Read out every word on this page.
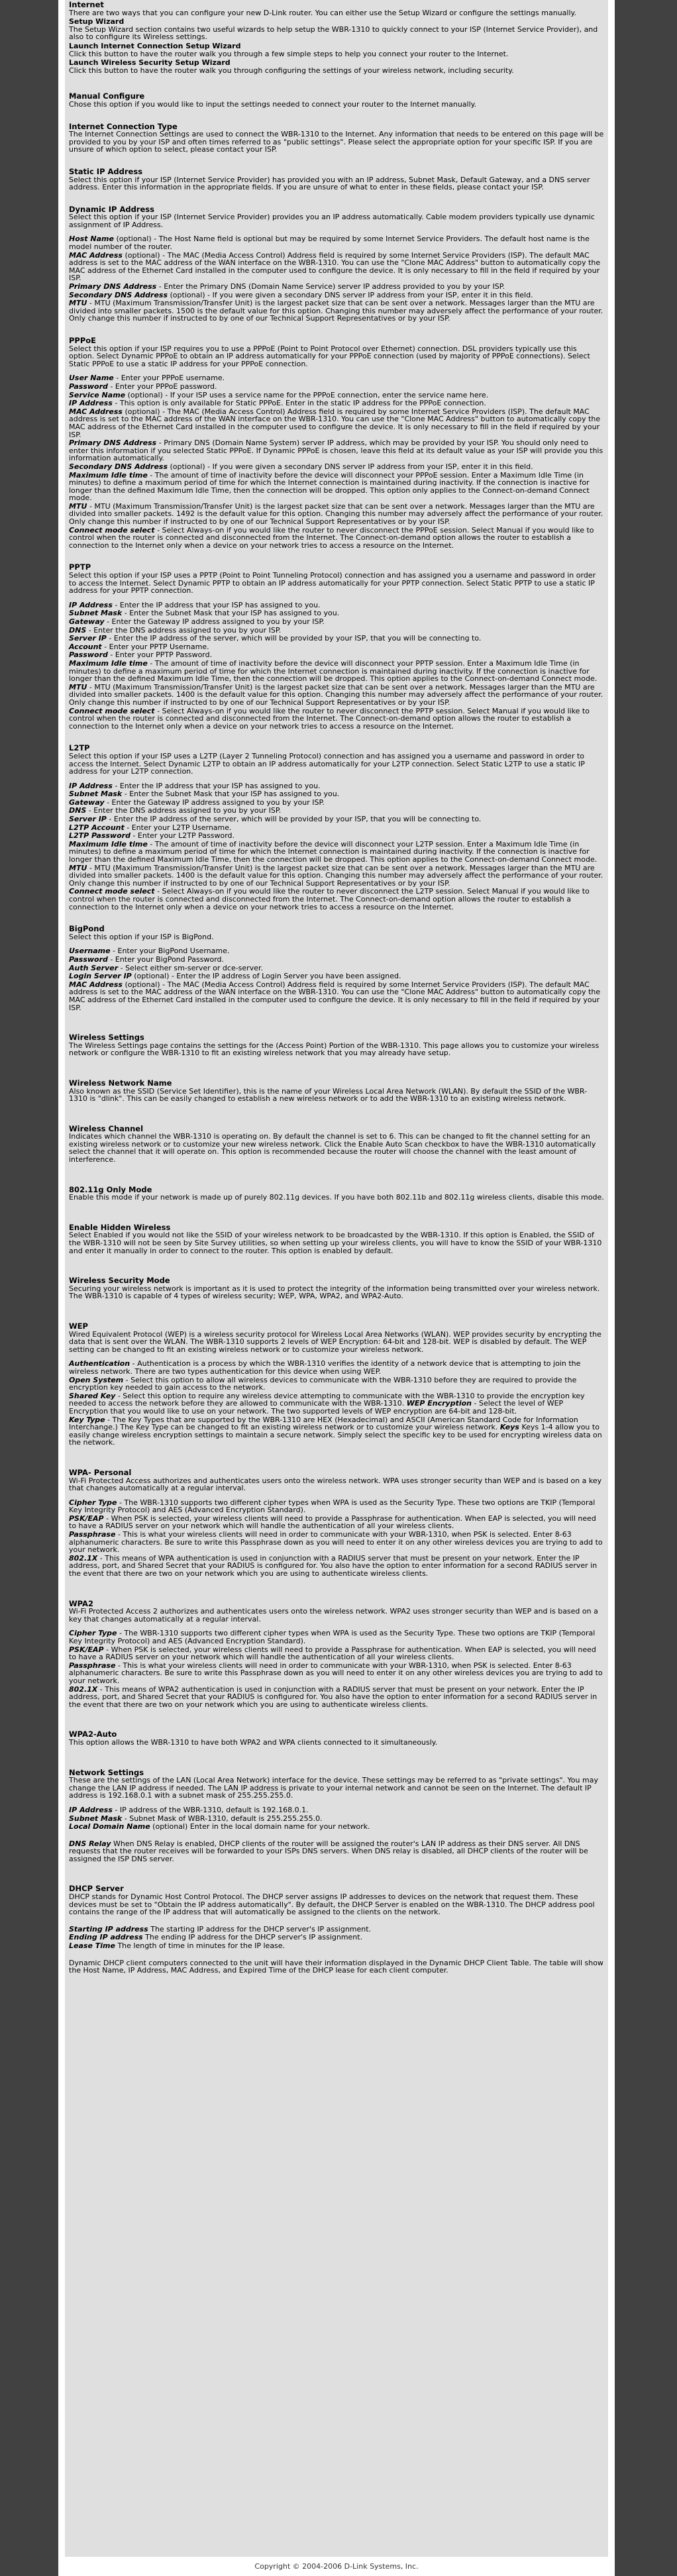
Internet

There are two ways that you can configure your new D-Link router. You can either use the Setup Wizard or configure the settings manually.

Setup Wizard

The Setup Wizard section contains two useful wizards to help setup the WBR-1310 to quickly connect to your ISP (Internet Service Provider), and also to configure its Wireless settings.

Launch Internet Connection Setup Wizard

Click this button to have the router walk you through a few simple steps to help you connect your router to the Internet.

Launch Wireless Security Setup Wizard

Click this button to have the router walk you through configuring the settings of your wireless network, including security.

Manual Configure

Chose this option if you would like to input the settings needed to connect your router to the Internet manually.

Internet Connection Type

The Internet Connection Settings are used to connect the WBR-1310 to the Internet. Any information that needs to be entered on this page will be provided to you by your ISP and often times referred to as "public settings". Please select the appropriate option for your specific ISP. If you are unsure of which option to select, please contact your ISP.

Static IP Address

Select this option if your ISP (Internet Service Provider) has provided you with an IP address, Subnet Mask, Default Gateway, and a DNS server address. Enter this information in the appropriate fields. If you are unsure of what to enter in these fields, please contact your ISP.

Dynamic IP Address

Select this option if your ISP (Internet Service Provider) provides you an IP address automatically. Cable modem providers typically use dynamic assignment of IP Address.

Host Name (optional) - The Host Name field is optional but may be required by some Internet Service Providers. The default host name is the model number of the router.

MAC Address (optional) - The MAC (Media Access Control) Address field is required by some Internet Service Providers (ISP). The default MAC address is set to the MAC address of the WAN interface on the WBR-1310. You can use the "Clone MAC Address" button to automatically copy the MAC address of the Ethernet Card installed in the computer used to configure the device. It is only necessary to fill in the field if required by your ISP.

Primary DNS Address - Enter the Primary DNS (Domain Name Service) server IP address provided to you by your ISP.

Secondary DNS Address (optional) - If you were given a secondary DNS server IP address from your ISP, enter it in this field.

MTU - MTU (Maximum Transmission/Transfer Unit) is the largest packet size that can be sent over a network. Messages larger than the MTU are divided into smaller packets. 1500 is the default value for this option. Changing this number may adversely affect the performance of your router. Only change this number if instructed to by one of our Technical Support Representatives or by your ISP.

PPPoE

Select this option if your ISP requires you to use a PPPoE (Point to Point Protocol over Ethernet) connection. DSL providers typically use this option. Select Dynamic PPPoE to obtain an IP address automatically for your PPPoE connection (used by majority of PPPoE connections). Select Static PPPoE to use a static IP address for your PPPoE connection.

User Name - Enter your PPPoE username.

Password - Enter your PPPoE password.

Service Name (optional) - If your ISP uses a service name for the PPPoE connection, enter the service name here.

IP Address - This option is only available for Static PPPoE. Enter in the static IP address for the PPPoE connection.

MAC Address (optional) - The MAC (Media Access Control) Address field is required by some Internet Service Providers (ISP). The default MAC address is set to the MAC address of the WAN interface on the WBR-1310. You can use the "Clone MAC Address" button to automatically copy the MAC address of the Ethernet Card installed in the computer used to configure the device. It is only necessary to fill in the field if required by your ISP.

Primary DNS Address - Primary DNS (Domain Name System) server IP address, which may be provided by your ISP. You should only need to enter this information if you selected Static PPPoE. If Dynamic PPPoE is chosen, leave this field at its default value as your ISP will provide you this information automatically.

Secondary DNS Address (optional) - If you were given a secondary DNS server IP address from your ISP, enter it in this field.

Maximum Idle time - The amount of time of inactivity before the device will disconnect your PPPoE session. Enter a Maximum Idle Time (in minutes) to define a maximum period of time for which the Internet connection is maintained during inactivity. If the connection is inactive for longer than the defined Maximum Idle Time, then the connection will be dropped. This option only applies to the Connect-on-demand Connect mode.

MTU - MTU (Maximum Transmission/Transfer Unit) is the largest packet size that can be sent over a network. Messages larger than the MTU are divided into smaller packets. 1492 is the default value for this option. Changing this number may adversely affect the performance of your router. Only change this number if instructed to by one of our Technical Support Representatives or by your ISP.

Connect mode select - Select Always-on if you would like the router to never disconnect the PPPoE session. Select Manual if you would like to control when the router is connected and disconnected from the Internet. The Connect-on-demand option allows the router to establish a connection to the Internet only when a device on your network tries to access a resource on the Internet.

PPTP

Select this option if your ISP uses a PPTP (Point to Point Tunneling Protocol) connection and has assigned you a username and password in order to access the Internet. Select Dynamic PPTP to obtain an IP address automatically for your PPTP connection. Select Static PPTP to use a static IP address for your PPTP connection.

IP Address - Enter the IP address that your ISP has assigned to you.

Subnet Mask - Enter the Subnet Mask that your ISP has assigned to you.

Gateway - Enter the Gateway IP address assigned to you by your ISP.

DNS - Enter the DNS address assigned to you by your ISP.

Server IP - Enter the IP address of the server, which will be provided by your ISP, that you will be connecting to.

Account - Enter your PPTP Username.

Password - Enter your PPTP Password.

Maximum Idle time - The amount of time of inactivity before the device will disconnect your PPTP session. Enter a Maximum Idle Time (in minutes) to define a maximum period of time for which the Internet connection is maintained during inactivity. If the connection is inactive for longer than the defined Maximum Idle Time, then the connection will be dropped. This option applies to the Connect-on-demand Connect mode.

MTU - MTU (Maximum Transmission/Transfer Unit) is the largest packet size that can be sent over a network. Messages larger than the MTU are divided into smaller packets. 1400 is the default value for this option. Changing this number may adversely affect the performance of your router. Only change this number if instructed to by one of our Technical Support Representatives or by your ISP.

Connect mode select - Select Always-on if you would like the router to never disconnect the PPTP session. Select Manual if you would like to control when the router is connected and disconnected from the Internet. The Connect-on-demand option allows the router to establish a connection to the Internet only when a device on your network tries to access a resource on the Internet.

L2TP

Select this option if your ISP uses a L2TP (Layer 2 Tunneling Protocol) connection and has assigned you a username and password in order to access the Internet. Select Dynamic L2TP to obtain an IP address automatically for your L2TP connection. Select Static L2TP to use a static IP address for your L2TP connection.

IP Address - Enter the IP address that your ISP has assigned to you.

Subnet Mask - Enter the Subnet Mask that your ISP has assigned to you.

Gateway - Enter the Gateway IP address assigned to you by your ISP.

DNS - Enter the DNS address assigned to you by your ISP.

Server IP - Enter the IP address of the server, which will be provided by your ISP, that you will be connecting to.

L2TP Account - Enter your L2TP Username.

L2TP Password - Enter your L2TP Password.

Maximum Idle time - The amount of time of inactivity before the device will disconnect your L2TP session. Enter a Maximum Idle Time (in minutes) to define a maximum period of time for which the Internet connection is maintained during inactivity. If the connection is inactive for longer than the defined Maximum Idle Time, then the connection will be dropped. This option applies to the Connect-on-demand Connect mode.

MTU - MTU (Maximum Transmission/Transfer Unit) is the largest packet size that can be sent over a network. Messages larger than the MTU are divided into smaller packets. 1400 is the default value for this option. Changing this number may adversely affect the performance of your router. Only change this number if instructed to by one of our Technical Support Representatives or by your ISP.

Connect mode select - Select Always-on if you would like the router to never disconnect the L2TP session. Select Manual if you would like to control when the router is connected and disconnected from the Internet. The Connect-on-demand option allows the router to establish a connection to the Internet only when a device on your network tries to access a resource on the Internet.

BigPond

Select this option if your ISP is BigPond.

Username - Enter your BigPond Username.

Password - Enter your BigPond Password.

Auth Server - Select either sm-server or dce-server.

Login Server IP (optional) - Enter the IP address of Login Server you have been assigned.

MAC Address (optional) - The MAC (Media Access Control) Address field is required by some Internet Service Providers (ISP). The default MAC address is set to the MAC address of the WAN interface on the WBR-1310. You can use the "Clone MAC Address" button to automatically copy the MAC address of the Ethernet Card installed in the computer used to configure the device. It is only necessary to fill in the field if required by your ISP.

Wireless Settings

The Wireless Settings page contains the settings for the (Access Point) Portion of the WBR-1310. This page allows you to customize your wireless network or configure the WBR-1310 to fit an existing wireless network that you may already have setup.

Wireless Network Name

Also known as the SSID (Service Set Identifier), this is the name of your Wireless Local Area Network (WLAN). By default the SSID of the WBR-1310 is "dlink". This can be easily changed to establish a new wireless network or to add the WBR-1310 to an existing wireless network.

Wireless Channel

Indicates which channel the WBR-1310 is operating on. By default the channel is set to 6. This can be changed to fit the channel setting for an existing wireless network or to customize your new wireless network. Click the Enable Auto Scan checkbox to have the WBR-1310 automatically select the channel that it will operate on. This option is recommended because the router will choose the channel with the least amount of interference.

802.11g Only Mode

Enable this mode if your network is made up of purely 802.11g devices. If you have both 802.11b and 802.11g wireless clients, disable this mode.

Enable Hidden Wireless

Select Enabled if you would not like the SSID of your wireless network to be broadcasted by the WBR-1310. If this option is Enabled, the SSID of the WBR-1310 will not be seen by Site Survey utilities, so when setting up your wireless clients, you will have to know the SSID of your WBR-1310 and enter it manually in order to connect to the router. This option is enabled by default.

Wireless Security Mode

Securing your wireless network is important as it is used to protect the integrity of the information being transmitted over your wireless network. The WBR-1310 is capable of 4 types of wireless security; WEP, WPA, WPA2, and WPA2-Auto.

WEP

Wired Equivalent Protocol (WEP) is a wireless security protocol for Wireless Local Area Networks (WLAN). WEP provides security by encrypting the data that is sent over the WLAN. The WBR-1310 supports 2 levels of WEP Encryption: 64-bit and 128-bit. WEP is disabled by default. The WEP setting can be changed to fit an existing wireless network or to customize your wireless network.

Authentication - Authentication is a process by which the WBR-1310 verifies the identity of a network device that is attempting to join the wireless network. There are two types authentication for this device when using WEP.

Open System - Select this option to allow all wireless devices to communicate with the WBR-1310 before they are required to provide the encryption key needed to gain access to the network.

Shared Key - Select this option to require any wireless device attempting to communicate with the WBR-1310 to provide the encryption key needed to access the network before they are allowed to communicate with the WBR-1310. WEP Encryption - Select the level of WEP Encryption that you would like to use on your network. The two supported levels of WEP encryption are 64-bit and 128-bit.

Key Type - The Key Types that are supported by the WBR-1310 are HEX (Hexadecimal) and ASCII (American Standard Code for Information Interchange.) The Key Type can be changed to fit an existing wireless network or to customize your wireless network. Keys Keys 1-4 allow you to easily change wireless encryption settings to maintain a secure network. Simply select the specific key to be used for encrypting wireless data on the network.

WPA- Personal

Wi-Fi Protected Access authorizes and authenticates users onto the wireless network. WPA uses stronger security than WEP and is based on a key that changes automatically at a regular interval.

Cipher Type - The WBR-1310 supports two different cipher types when WPA is used as the Security Type. These two options are TKIP (Temporal Key Integrity Protocol) and AES (Advanced Encryption Standard).

PSK/EAP - When PSK is selected, your wireless clients will need to provide a Passphrase for authentication. When EAP is selected, you will need to have a RADIUS server on your network which will handle the authentication of all your wireless clients.

Passphrase - This is what your wireless clients will need in order to communicate with your WBR-1310, when PSK is selected. Enter 8-63 alphanumeric characters. Be sure to write this Passphrase down as you will need to enter it on any other wireless devices you are trying to add to your network.

802.1X - This means of WPA authentication is used in conjunction with a RADIUS server that must be present on your network. Enter the IP address, port, and Shared Secret that your RADIUS is configured for. You also have the option to enter information for a second RADIUS server in the event that there are two on your network which you are using to authenticate wireless clients.

WPA2

Wi-Fi Protected Access 2 authorizes and authenticates users onto the wireless network. WPA2 uses stronger security than WEP and is based on a key that changes automatically at a regular interval.

Cipher Type - The WBR-1310 supports two different cipher types when WPA is used as the Security Type. These two options are TKIP (Temporal Key Integrity Protocol) and AES (Advanced Encryption Standard).

PSK/EAP - When PSK is selected, your wireless clients will need to provide a Passphrase for authentication. When EAP is selected, you will need to have a RADIUS server on your network which will handle the authentication of all your wireless clients.

Passphrase - This is what your wireless clients will need in order to communicate with your WBR-1310, when PSK is selected. Enter 8-63 alphanumeric characters. Be sure to write this Passphrase down as you will need to enter it on any other wireless devices you are trying to add to your network.

802.1X - This means of WPA2 authentication is used in conjunction with a RADIUS server that must be present on your network. Enter the IP address, port, and Shared Secret that your RADIUS is configured for. You also have the option to enter information for a second RADIUS server in the event that there are two on your network which you are using to authenticate wireless clients.

WPA2-Auto

This option allows the WBR-1310 to have both WPA2 and WPA clients connected to it simultaneously.

Network Settings

These are the settings of the LAN (Local Area Network) interface for the device. These settings may be referred to as "private settings". You may change the LAN IP address if needed. The LAN IP address is private to your internal network and cannot be seen on the Internet. The default IP address is 192.168.0.1 with a subnet mask of 255.255.255.0.

IP Address - IP address of the WBR-1310, default is 192.168.0.1.

Subnet Mask - Subnet Mask of WBR-1310, default is 255.255.255.0.

Local Domain Name (optional) Enter in the local domain name for your network.

DNS Relay When DNS Relay is enabled, DHCP clients of the router will be assigned the router's LAN IP address as their DNS server. All DNS requests that the router receives will be forwarded to your ISPs DNS servers. When DNS relay is disabled, all DHCP clients of the router will be assigned the ISP DNS server.

DHCP Server

DHCP stands for Dynamic Host Control Protocol. The DHCP server assigns IP addresses to devices on the network that request them. These devices must be set to "Obtain the IP address automatically". By default, the DHCP Server is enabled on the WBR-1310. The DHCP address pool contains the range of the IP address that will automatically be assigned to the clients on the network.

Starting IP address The starting IP address for the DHCP server's IP assignment.

Ending IP address The ending IP address for the DHCP server's IP assignment.

Lease Time The length of time in minutes for the IP lease.

Dynamic DHCP client computers connected to the unit will have their information displayed in the Dynamic DHCP Client Table. The table will show the Host Name, IP Address, MAC Address, and Expired Time of the DHCP lease for each client computer.

Copyright © 2004-2006 D-Link Systems, Inc.
